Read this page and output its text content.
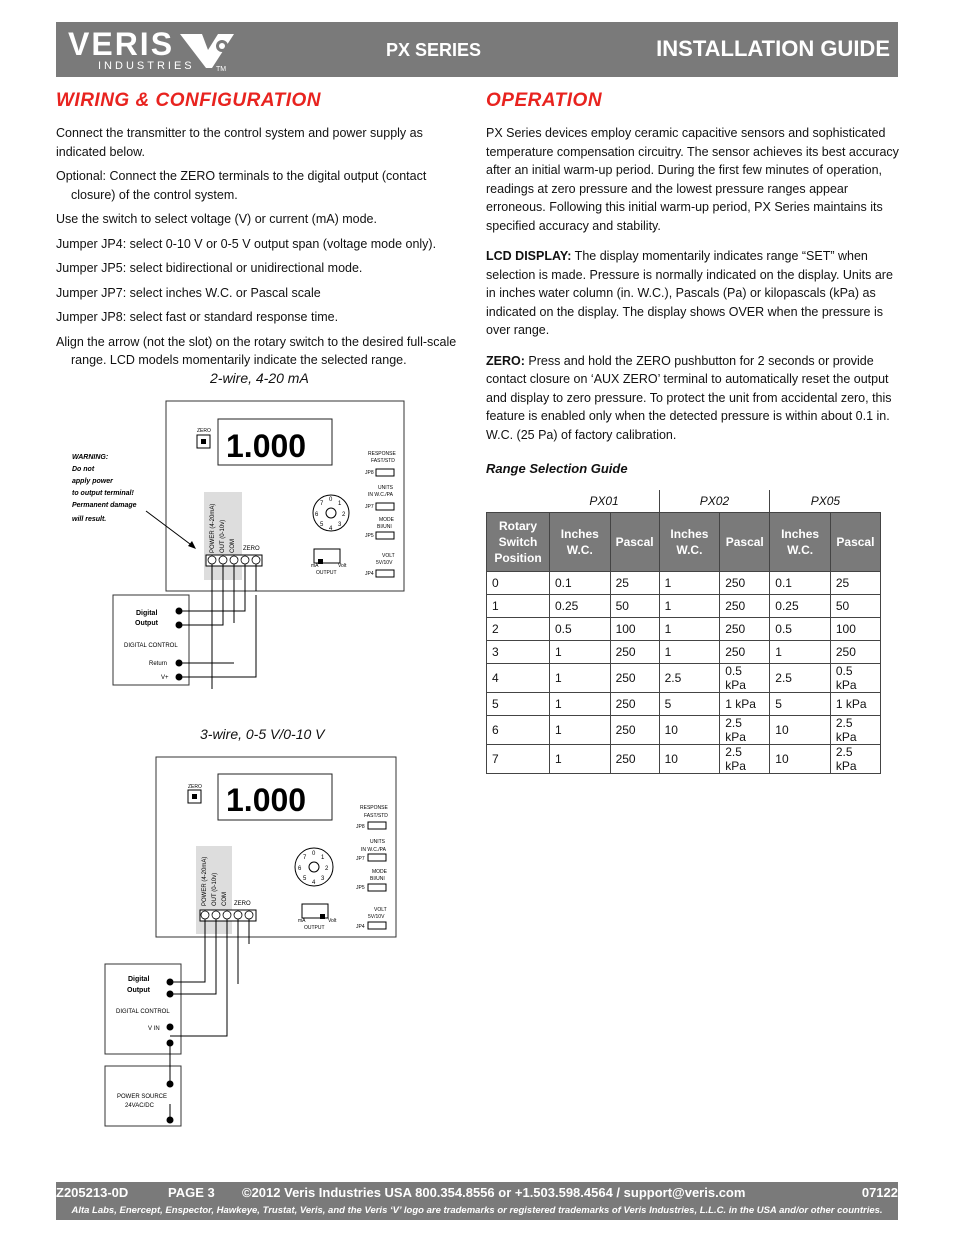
VERIS
INDUSTRIES	TM
PX SERIES	INSTALLATION GUIDE
WIRING & CONFIGURATION

Connect the transmitter to the control system and power supply as indicated below.

Optional: Connect the ZERO terminals to the digital output (contact closure) of the control system.

Use the switch to select voltage (V) or current (mA) mode.

Jumper JP4: select 0-10 V or 0-5 V output span (voltage mode only).

Jumper JP5: select bidirectional or unidirectional mode.

Jumper JP7: select inches W.C. or Pascal scale

Jumper JP8: select fast or standard response time.

Align the arrow (not the slot) on the rotary switch to the desired full-scale range. LCD models momentarily indicate the selected range.

2-wire, 4-20 mA
ZERO 1.000	RESPONSE
FAST/STD
JP8
UNITS
IN W.C./PA
JP7
MODE
BI/UNI
JP5
VOLT
5V/10V
JP4
0
1
2
3
4
5
6
7
mA	Volt
OUTPUT
POWER (4-20mA) OUT (0-10v) COM ZERO
WARNING:
Do not
apply power
to output terminal!
Permanent damage
will result.
Digital
Output
DIGITAL CONTROL
Return
V+
3-wire, 0-5 V/0-10 V
ZERO 1.000	RESPONSE
FAST/STD
JP8
UNITS
IN W.C./PA
JP7
MODE
BI/UNI
JP5
VOLT
5V/10V
JP4
0
1
2
3
4
5
6
7
mA	Volt
OUTPUT
POWER (4-20mA) OUT (0-10v) COM ZERO
Digital
Output
DIGITAL CONTROL
V IN
POWER SOURCE
24VAC/DC
OPERATION

PX Series devices employ ceramic capacitive sensors and sophisticated temperature compensation circuitry. The sensor achieves its best accuracy after an initial warm-up period. During the first few minutes of operation, readings at zero pressure and the lowest pressure ranges appear erroneous. Following this initial warm-up period, PX Series maintains its specified accuracy and stability.

LCD DISPLAY: The display momentarily indicates range “SET” when selection is made. Pressure is normally indicated on the display. Units are in inches water column (in. W.C.), Pascals (Pa) or kilopascals (kPa) as indicated on the display. The display shows OVER when the pressure is over range.

ZERO: Press and hold the ZERO pushbutton for 2 seconds or provide contact closure on ‘AUX ZERO’ terminal to automatically reset the output and display to zero pressure. To protect the unit from accidental zero, this feature is enabled only when the detected pressure is within about 0.1 in. W.C. (25 Pa) of factory calibration.

Range Selection Guide
	PX01		PX02		PX05	
Rotary Switch Position	Inches W.C.	Pascal	Inches W.C.	Pascal	Inches W.C.	Pascal
0	0.1	25	1	250	0.1	25
1	0.25	50	1	250	0.25	50
2	0.5	100	1	250	0.5	100
3	1	250	1	250	1	250
4	1	250	2.5	0.5 kPa	2.5	0.5 kPa
5	1	250	5	1 kPa	5	1 kPa
6	1	250	10	2.5 kPa	10	2.5 kPa
7	1	250	10	2.5 kPa	10	2.5 kPa
Z205213-0D	PAGE 3 ©2012 Veris Industries USA 800.354.8556 or +1.503.598.4564 / support@veris.com	07122
Alta Labs, Enercept, Enspector, Hawkeye, Trustat, Veris, and the Veris ‘V’ logo are trademarks or registered trademarks of Veris Industries, L.L.C. in the USA and/or other countries.
